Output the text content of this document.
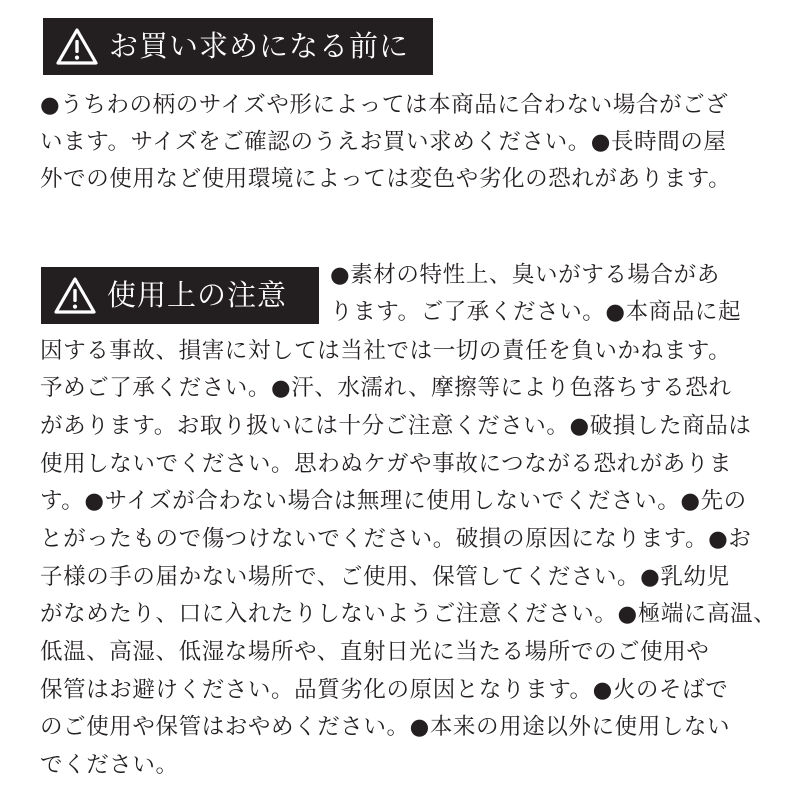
お買い求めになる前に
●うちわの柄のサイズや形によっては本商品に合わない場合がござ
います。サイズをご確認のうえお買い求めください。●長時間の屋
外での使用など使用環境によっては変色や劣化の恐れがあります。
使用上の注意
●素材の特性上、臭いがする場合があ
ります。ご了承ください。●本商品に起
因する事故、損害に対しては当社では一切の責任を負いかねます。
予めご了承ください。●汗、水濡れ、摩擦等により色落ちする恐れ
があります。お取り扱いには十分ご注意ください。●破損した商品は
使用しないでください。思わぬケガや事故につながる恐れがありま
す。●サイズが合わない場合は無理に使用しないでください。●先の
とがったもので傷つけないでください。破損の原因になります。●お
子様の手の届かない場所で、ご使用、保管してください。●乳幼児
がなめたり、口に入れたりしないようご注意ください。●極端に高温、
低温、高湿、低湿な場所や、直射日光に当たる場所でのご使用や
保管はお避けください。品質劣化の原因となります。●火のそばで
のご使用や保管はおやめください。●本来の用途以外に使用しない
でください。
